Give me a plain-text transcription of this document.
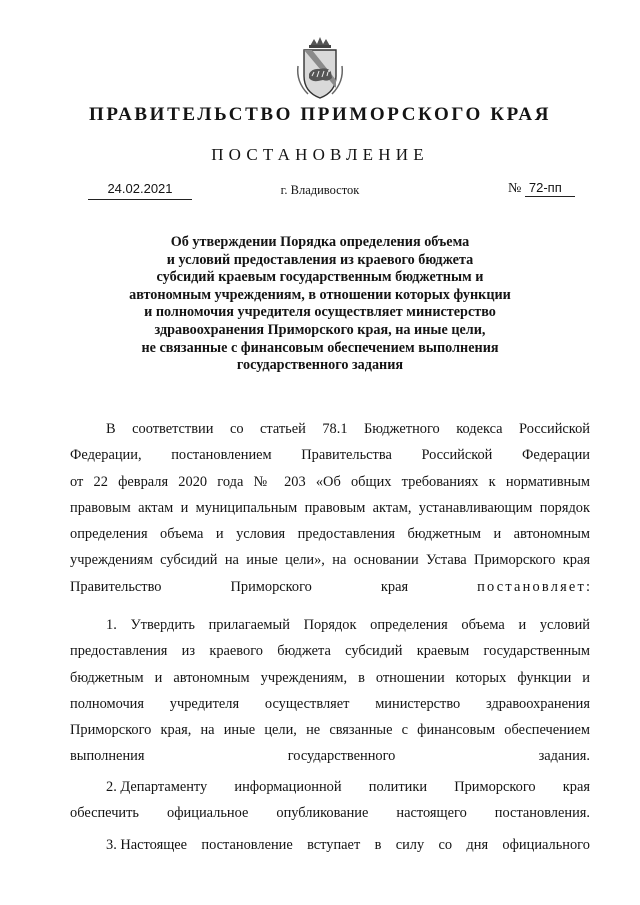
ПРАВИТЕЛЬСТВО ПРИМОРСКОГО КРАЯ
ПОСТАНОВЛЕНИЕ
24.02.2021	г. Владивосток	№ 72-пп
Об утверждении Порядка определения объема
и условий предоставления из краевого бюджета
субсидий краевым государственным бюджетным и
автономным учреждениям, в отношении которых функции
и полномочия учредителя осуществляет министерство
здравоохранения Приморского края, на иные цели,
не связанные с финансовым обеспечением выполнения
государственного задания
В соответствии со статьей 78.1 Бюджетного кодекса Российской
Федерации, постановлением Правительства Российской Федерации
от 22 февраля 2020 года № 203 «Об общих требованиях к нормативным
правовым актам и муниципальным правовым актам, устанавливающим порядок
определения объема и условия предоставления бюджетным и автономным
учреждениям субсидий на иные цели», на основании Устава Приморского края
Правительство Приморского края постановляет:
1. Утвердить прилагаемый Порядок определения объема и условий
предоставления из краевого бюджета субсидий краевым государственным
бюджетным и автономным учреждениям, в отношении которых функции и
полномочия учредителя осуществляет министерство здравоохранения
Приморского края, на иные цели, не связанные с финансовым обеспечением
выполнения государственного задания.
2. Департаменту информационной политики Приморского края
обеспечить официальное опубликование настоящего постановления.
3. Настоящее постановление вступает в силу со дня официального
